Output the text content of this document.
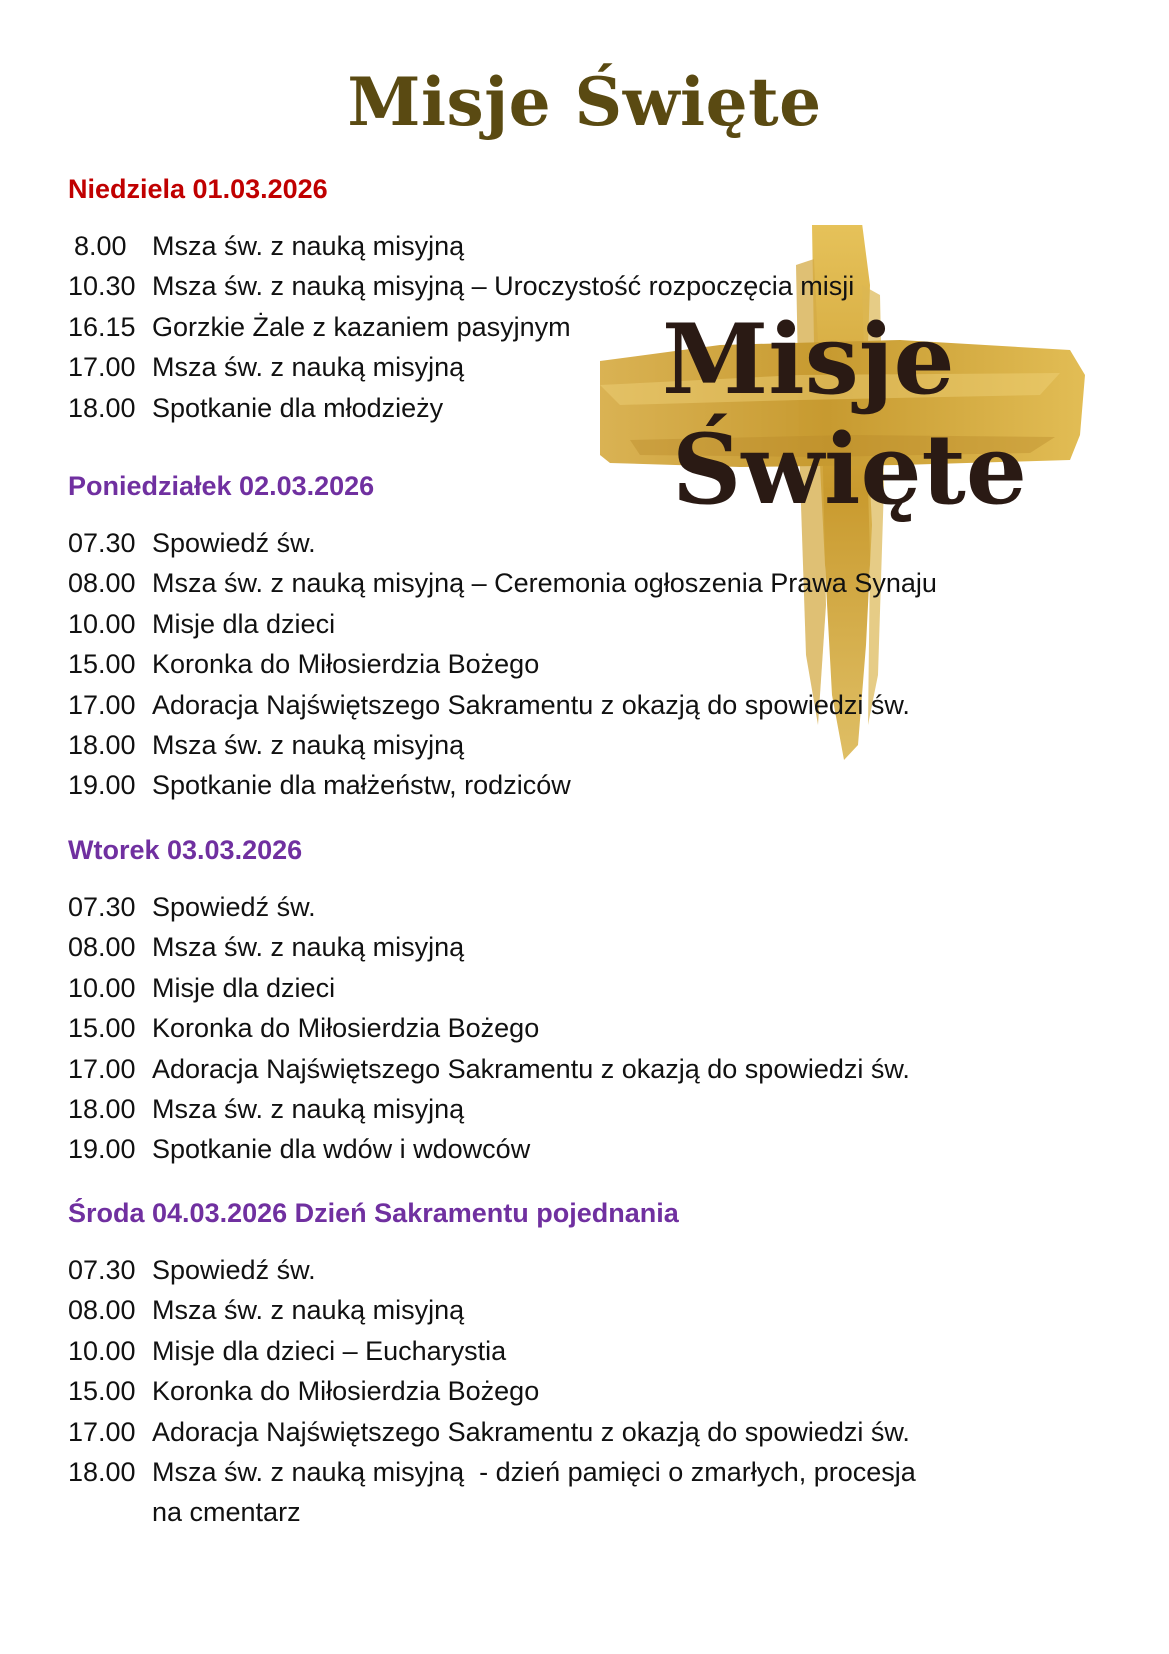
Misje
Święte
Misje Święte
Niedziela 01.03.2026
8.00 Msza św. z nauką misyjną
10.30 Msza św. z nauką misyjną – Uroczystość rozpoczęcia misji
16.15 Gorzkie Żale z kazaniem pasyjnym
17.00 Msza św. z nauką misyjną
18.00 Spotkanie dla młodzieży
Poniedziałek 02.03.2026
07.30 Spowiedź św.
08.00 Msza św. z nauką misyjną – Ceremonia ogłoszenia Prawa Synaju
10.00 Misje dla dzieci
15.00 Koronka do Miłosierdzia Bożego
17.00 Adoracja Najświętszego Sakramentu z okazją do spowiedzi św.
18.00 Msza św. z nauką misyjną
19.00 Spotkanie dla małżeństw, rodziców
Wtorek 03.03.2026
07.30 Spowiedź św.
08.00 Msza św. z nauką misyjną
10.00 Misje dla dzieci
15.00 Koronka do Miłosierdzia Bożego
17.00 Adoracja Najświętszego Sakramentu z okazją do spowiedzi św.
18.00 Msza św. z nauką misyjną
19.00 Spotkanie dla wdów i wdowców
Środa 04.03.2026 Dzień Sakramentu pojednania
07.30 Spowiedź św.
08.00 Msza św. z nauką misyjną
10.00 Misje dla dzieci – Eucharystia
15.00 Koronka do Miłosierdzia Bożego
17.00 Adoracja Najświętszego Sakramentu z okazją do spowiedzi św.
18.00 Msza św. z nauką misyjną  - dzień pamięci o zmarłych, procesja
na cmentarz
